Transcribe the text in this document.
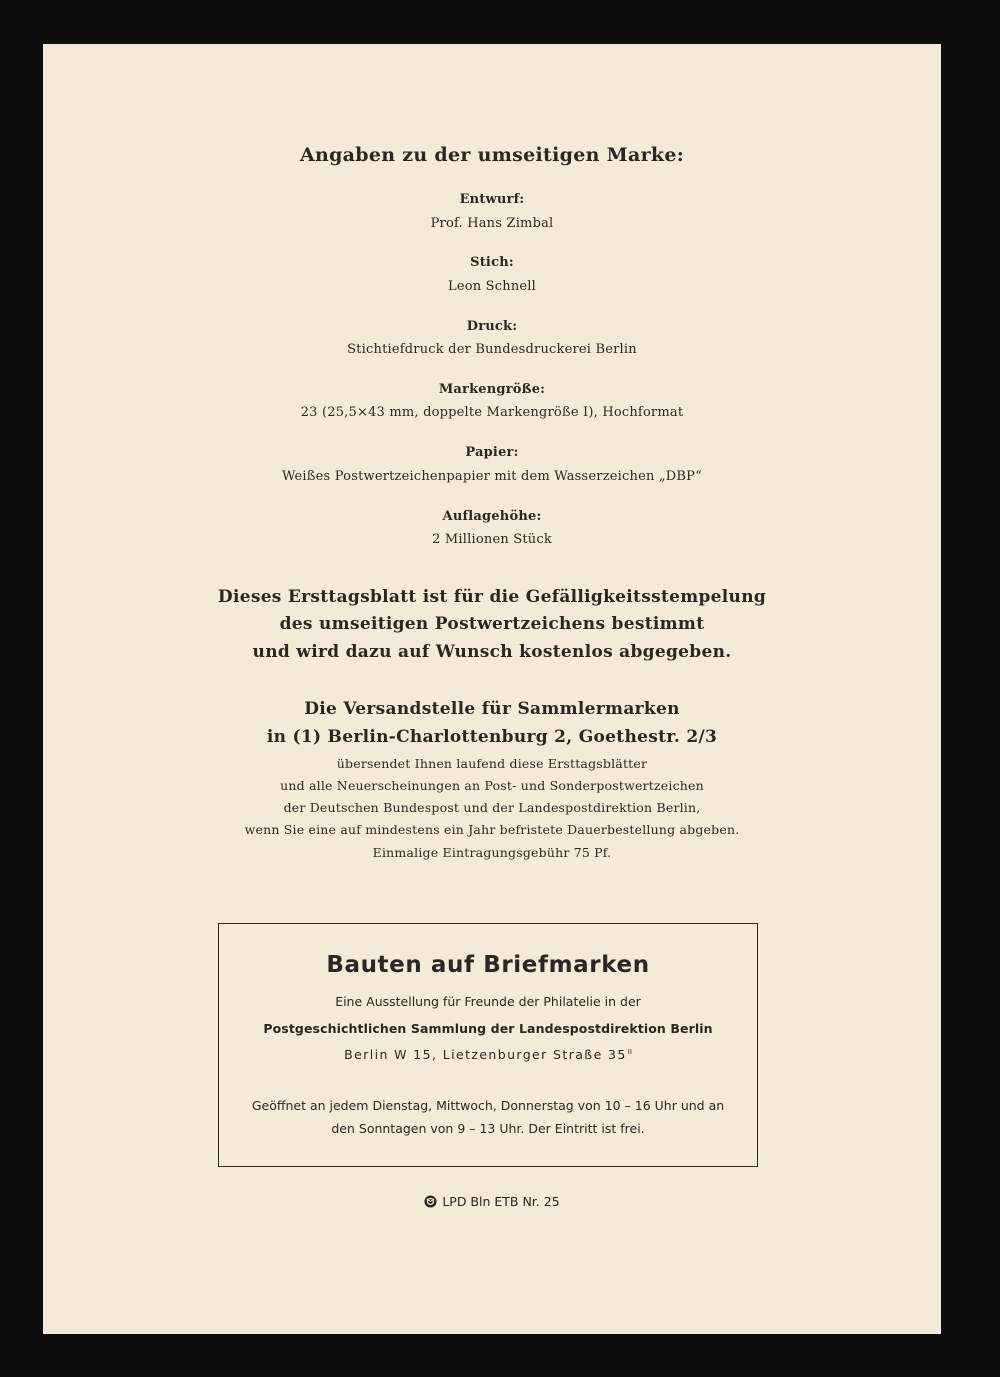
Angaben zu der umseitigen Marke:
Entwurf:
Prof. Hans Zimbal
Stich:
Leon Schnell
Druck:
Stichtiefdruck der Bundesdruckerei Berlin
Markengröße:
23 (25,5×43 mm, doppelte Markengröße I), Hochformat
Papier:
Weißes Postwertzeichenpapier mit dem Wasserzeichen „DBP“
Auflagehöhe:
2 Millionen Stück
Dieses Ersttagsblatt ist für die Gefälligkeitsstempelung
des umseitigen Postwertzeichens bestimmt
und wird dazu auf Wunsch kostenlos abgegeben.
Die Versandstelle für Sammlermarken
in (1) Berlin-Charlottenburg 2, Goethestr. 2/3
übersendet Ihnen laufend diese Ersttagsblätter
und alle Neuerscheinungen an Post- und Sonderpostwertzeichen
der Deutschen Bundespost und der Landespostdirektion Berlin,
wenn Sie eine auf mindestens ein Jahr befristete Dauerbestellung abgeben.
Einmalige Eintragungsgebühr 75 Pf.
Bauten auf Briefmarken
Eine Ausstellung für Freunde der Philatelie in der
Postgeschichtlichen Sammlung der Landespostdirektion Berlin
Berlin W 15, Lietzenburger Straße $35^{II}$
Geöffnet an jedem Dienstag, Mittwoch, Donnerstag von 10 – 16 Uhr und an
den Sonntagen von 9 – 13 Uhr. Der Eintritt ist frei.
LPD Bln ETB Nr. 25
